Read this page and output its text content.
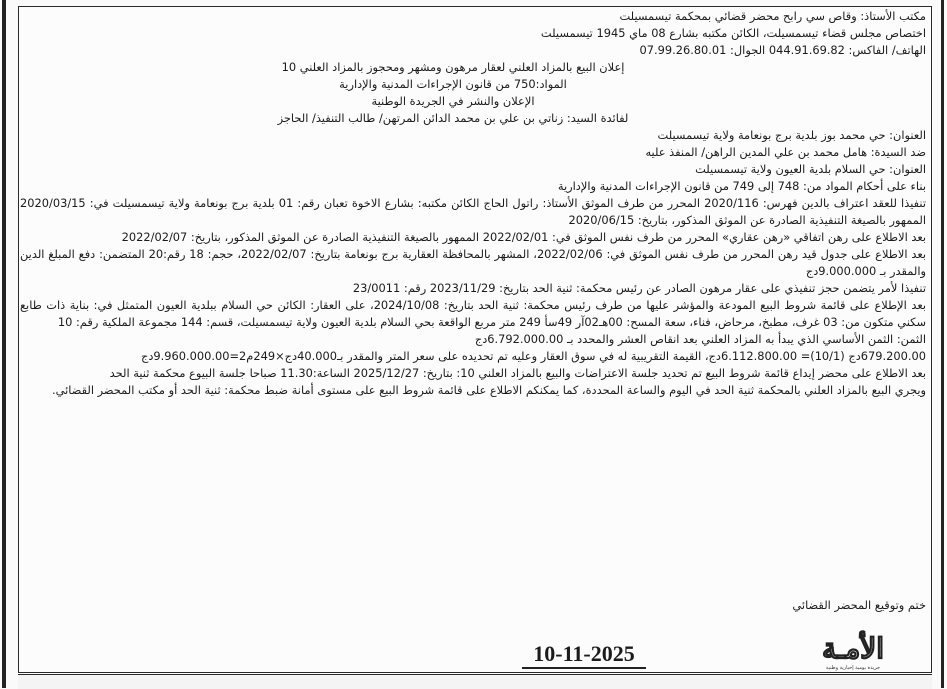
مكتب الأستاذ: وقاص سي رابح محضر قضائي بمحكمة تيسمسيلت

اختصاص مجلس قضاء تيسمسيلت، الكائن مكتبه بشارع 08 ماي 1945 تيسمسيلت

الهاتف/ الفاكس: 044.91.69.82 الجوال: 07.99.26.80.01

إعلان البيع بالمزاد العلني لعقار مرهون ومشهر ومحجوز بالمزاد العلني 10

المواد:750 من قانون الإجراءات المدنية والإدارية

الإعلان والنشر في الجريدة الوطنية

لفائدة السيد: زناتي بن علي بن محمد الدائن المرتهن/ طالب التنفيذ/ الحاجز

العنوان: حي محمد بوز بلدية برج بونعامة ولاية تيسمسيلت

ضد السيدة: هامل محمد بن علي المدين الراهن/ المنفذ عليه

العنوان: حي السلام بلدية العيون ولاية تيسمسيلت

بناء على أحكام المواد من: 748 إلى 749 من قانون الإجراءات المدنية والإدارية

تنفيذا للعقد اعتراف بالدين فهرس: 2020/116 المحرر من طرف الموثق الأستاذ: راتول الحاج الكائن مكتبه: بشارع الاخوة تعبان رقم: 01 بلدية برج بونعامة ولاية تيسمسيلت في: 2020/03/15 الممهور بالصيغة التنفيذية الصادرة عن الموثق المذكور، بتاريخ: 2020/06/15

بعد الاطلاع على رهن اتفاقي «رهن عقاري» المحرر من طرف نفس الموثق في: 2022/02/01 الممهور بالصيغة التنفيذية الصادرة عن الموثق المذكور، بتاريخ: 2022/02/07

بعد الاطلاع على جدول قيد رهن المحرر من طرف نفس الموثق في: 2022/02/06، المشهر بالمحافظة العقارية برج بونعامة بتاريخ: 2022/02/07، حجم: 18 رقم:20 المتضمن: دفع المبلغ الدين والمقدر بـ 9.000.000دج

تنفيذا لأمر يتضمن حجز تنفيذي على عقار مرهون الصادر عن رئيس محكمة: ثنية الحد بتاريخ: 2023/11/29 رقم: 23/0011

بعد الإطلاع على قائمة شروط البيع المودعة والمؤشر عليها من طرف رئيس محكمة: ثنية الحد بتاريخ: 2024/10/08، على العقار: الكائن حي السلام ببلدية العيون المتمثل في: بناية ذات طابع سكني متكون من: 03 غرف، مطبخ، مرحاض، فناء، سعة المسح: 00هـ02آر 49سأ 249 متر مربع الواقعة بحي السلام بلدية العيون ولاية تيسمسيلت، قسم: 144 مجموعة الملكية رقم: 10

الثمن: الثمن الأساسي الذي يبدأ به المزاد العلني بعد انقاص العشر والمحدد بـ 6.792.000.00دج

679.200.00دج (10/1)= 6.112.800.00دج، القيمة التقريبية له في سوق العقار وعليه تم تحديده على سعر المتر والمقدر بـ40.000دج×249م2=9.960.000.00دج

بعد الاطلاع على محضر إيداع قائمة شروط البيع تم تحديد جلسة الاعتراضات والبيع بالمزاد العلني 10: بتاريخ: 2025/12/27 الساعة:11.30 صباحا جلسة البيوع محكمة ثنية الحد

ويجري البيع بالمزاد العلني بالمحكمة ثنية الحد في اليوم والساعة المحددة، كما يمكنكم الاطلاع على قائمة شروط البيع على مستوى أمانة ضبط محكمة: ثنية الحد أو مكتب المحضر القضائي.

ختم وتوقيع المحضر القضائي
10-11-2025	الأمـة
جريدة يومية إخبارية وطنية
